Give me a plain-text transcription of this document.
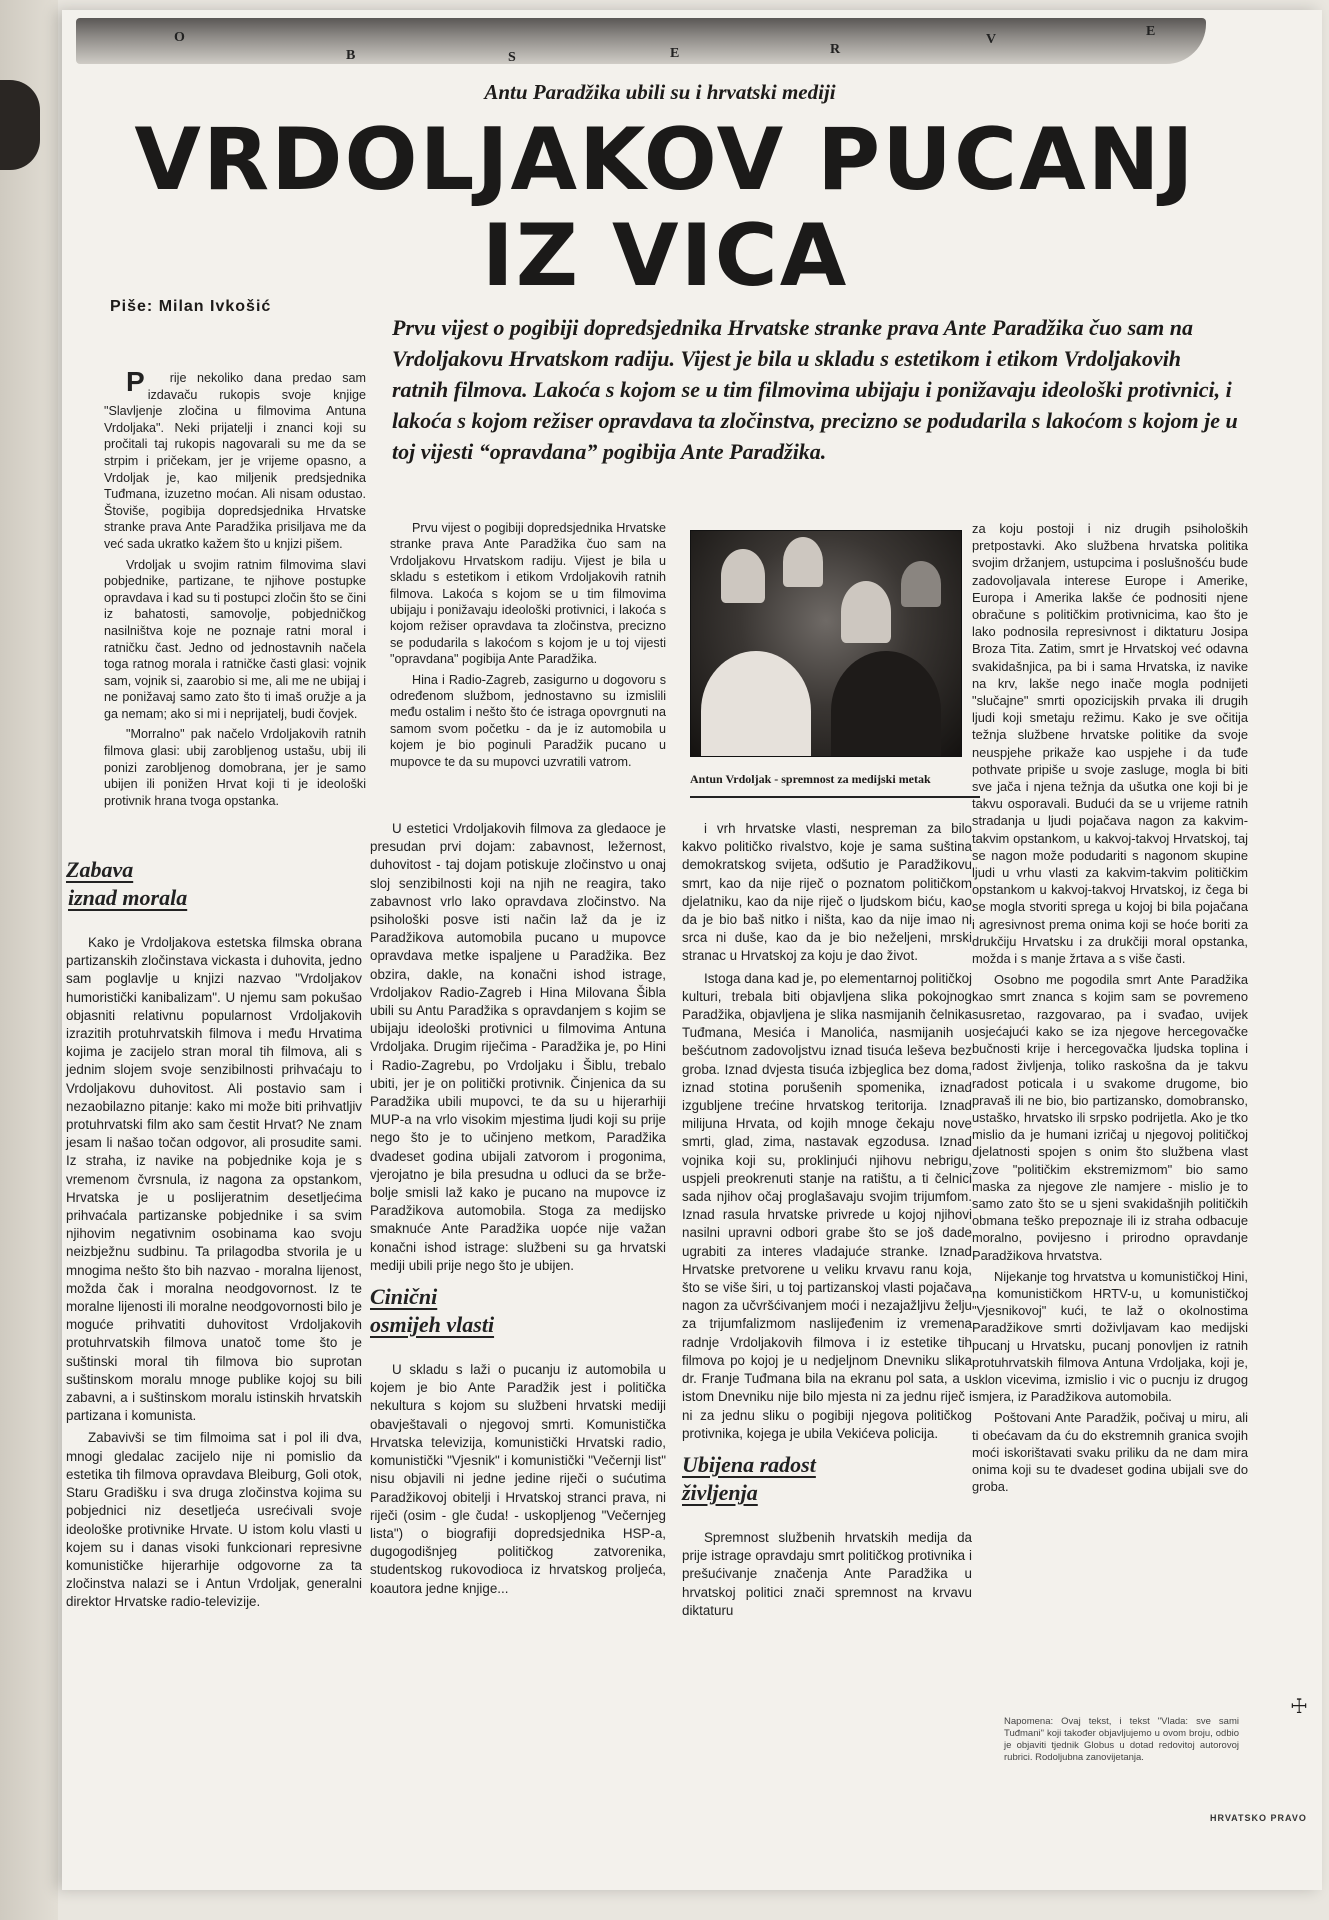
O
B	S	E	R
V
E
Antu Paradžika ubili su i hrvatski mediji
VRDOLJAKOV PUCANJ
IZ VICA
Piše: Milan Ivkošić
Prvu vijest o pogibiji dopredsjednika Hrvatske stranke prava Ante Paradžika čuo sam na Vrdoljakovu Hrvatskom radiju. Vijest je bila u skladu s estetikom i etikom Vrdoljakovih ratnih filmova. Lakoća s kojom se u tim filmovima ubijaju i ponižavaju ideološki protivnici, i lakoća s kojom režiser opravdava ta zločinstva, precizno se podudarila s lakoćom s kojom je u toj vijesti “opravdana” pogibija Ante Paradžika.

Prije nekoliko dana predao sam izdavaču rukopis svoje knjige "Slavljenje zločina u filmovima Antuna Vrdoljaka". Neki prijatelji i znanci koji su pročitali taj rukopis nagovarali su me da se strpim i pričekam, jer je vrijeme opasno, a Vrdoljak je, kao miljenik predsjednika Tuđmana, izuzetno moćan. Ali nisam odustao. Štoviše, pogibija dopredsjednika Hrvatske stranke prava Ante Paradžika prisiljava me da već sada ukratko kažem što u knjizi pišem.

Vrdoljak u svojim ratnim filmovima slavi pobjednike, partizane, te njihove postupke opravdava i kad su ti postupci zločin što se čini iz bahatosti, samovolje, pobjedničkog nasilništva koje ne poznaje ratni moral i ratničku čast. Jedno od jednostavnih načela toga ratnog morala i ratničke časti glasi: vojnik sam, vojnik si, zaarobio si me, ali me ne ubijaj i ne ponižavaj samo zato što ti imaš oružje a ja ga nemam; ako si mi i neprijatelj, budi čovjek.

"Morralno" pak načelo Vrdoljakovih ratnih filmova glasi: ubij zarobljenog ustašu, ubij ili ponizi zarobljenog domobrana, jer je samo ubijen ili ponižen Hrvat koji ti je ideološki protivnik hrana tvoga opstanka.

Zabava
iznad morala

Kako je Vrdoljakova estetska filmska obrana partizanskih zločinstava vickasta i duhovita, jedno sam poglavlje u knjizi nazvao "Vrdoljakov humoristički kanibalizam". U njemu sam pokušao objasniti relativnu popularnost Vrdoljakovih izrazitih protuhrvatskih filmova i među Hrvatima kojima je zacijelo stran moral tih filmova, ali s jednim slojem svoje senzibilnosti prihvaćaju to Vrdoljakovu duhovitost. Ali postavio sam i nezaobilazno pitanje: kako mi može biti prihvatljiv protuhrvatski film ako sam čestit Hrvat? Ne znam jesam li našao točan odgovor, ali prosudite sami. Iz straha, iz navike na pobjednike koja je s vremenom čvrsnula, iz nagona za opstankom, Hrvatska je u poslijeratnim desetljećima prihvaćala partizanske pobjednike i sa svim njihovim negativnim osobinama kao svoju neizbježnu sudbinu. Ta prilagodba stvorila je u mnogima nešto što bih nazvao - moralna lijenost, možda čak i moralna neodgovornost. Iz te moralne lijenosti ili moralne neodgovornosti bilo je moguće prihvatiti duhovitost Vrdoljakovih protuhrvatskih filmova unatoč tome što je suštinski moral tih filmova bio suprotan suštinskom moralu mnoge publike kojoj su bili zabavni, a i suštinskom moralu istinskih hrvatskih partizana i komunista.

Zabavivši se tim filmoima sat i pol ili dva, mnogi gledalac zacijelo nije ni pomislio da estetika tih filmova opravdava Bleiburg, Goli otok, Staru Gradišku i sva druga zločinstva kojima su pobjednici niz desetljeća usrećivali svoje ideološke protivnike Hrvate. U istom kolu vlasti u kojem su i danas visoki funkcionari represivne komunističke hijerarhije odgovorne za ta zločinstva nalazi se i Antun Vrdoljak, generalni direktor Hrvatske radio-televizije.

Prvu vijest o pogibiji dopredsjednika Hrvatske stranke prava Ante Paradžika čuo sam na Vrdoljakovu Hrvatskom radiju. Vijest je bila u skladu s estetikom i etikom Vrdoljakovih ratnih filmova. Lakoća s kojom se u tim filmovima ubijaju i ponižavaju ideološki protivnici, i lakoća s kojom režiser opravdava ta zločinstva, precizno se podudarila s lakoćom s kojom je u toj vijesti "opravdana" pogibija Ante Paradžika.

Hina i Radio-Zagreb, zasigurno u dogovoru s određenom službom, jednostavno su izmislili među ostalim i nešto što će istraga opovrgnuti na samom svom početku - da je iz automobila u kojem je bio poginuli Paradžik pucano u mupovce te da su mupovci uzvratili vatrom.

U estetici Vrdoljakovih filmova za gledaoce je presudan prvi dojam: zabavnost, ležernost, duhovitost - taj dojam potiskuje zločinstvo u onaj sloj senzibilnosti koji na njih ne reagira, tako zabavnost vrlo lako opravdava zločinstvo. Na psihološki posve isti način laž da je iz Paradžikova automobila pucano u mupovce opravdava metke ispaljene u Paradžika. Bez obzira, dakle, na konačni ishod istrage, Vrdoljakov Radio-Zagreb i Hina Milovana Šibla ubili su Antu Paradžika s opravdanjem s kojim se ubijaju ideološki protivnici u filmovima Antuna Vrdoljaka. Drugim riječima - Paradžika je, po Hini i Radio-Zagrebu, po Vrdoljaku i Šiblu, trebalo ubiti, jer je on politički protivnik. Činjenica da su Paradžika ubili mupovci, te da su u hijerarhiji MUP-a na vrlo visokim mjestima ljudi koji su prije nego što je to učinjeno metkom, Paradžika dvadeset godina ubijali zatvorom i progonima, vjerojatno je bila presudna u odluci da se brže-bolje smisli laž kako je pucano na mupovce iz Paradžikova automobila. Stoga za medijsko smaknuće Ante Paradžika uopće nije važan konačni ishod istrage: službeni su ga hrvatski mediji ubili prije nego što je ubijen.

Cinični
osmijeh vlasti

U skladu s laži o pucanju iz automobila u kojem je bio Ante Paradžik jest i politička nekultura s kojom su službeni hrvatski mediji obavještavali o njegovoj smrti. Komunistička Hrvatska televizija, komunistički Hrvatski radio, komunistički "Vjesnik" i komunistički "Večernji list" nisu objavili ni jedne jedine riječi o sućutima Paradžikovoj obitelji i Hrvatskoj stranci prava, ni riječi (osim - gle čuda! - uskopljenog "Večernjeg lista") o biografiji dopredsjednika HSP-a, dugogodišnjeg političkog zatvorenika, studentskog rukovodioca iz hrvatskog proljeća, koautora jedne knjige...

Antun Vrdoljak - spremnost za medijski metak

i vrh hrvatske vlasti, nespreman za bilo kakvo političko rivalstvo, koje je sama suština demokratskog svijeta, odšutio je Paradžikovu smrt, kao da nije riječ o poznatom političkom djelatniku, kao da nije riječ o ljudskom biću, kao da je bio baš nitko i ništa, kao da nije imao ni srca ni duše, kao da je bio neželjeni, mrski stranac u Hrvatskoj za koju je dao život.

Istoga dana kad je, po elementarnoj političkoj kulturi, trebala biti objavljena slika pokojnog Paradžika, objavljena je slika nasmijanih čelnika Tuđmana, Mesića i Manolića, nasmijanih u bešćutnom zadovoljstvu iznad tisuća leševa bez groba. Iznad dvjesta tisuća izbjeglica bez doma, iznad stotina porušenih spomenika, iznad izgubljene trećine hrvatskog teritorija. Iznad milijuna Hrvata, od kojih mnoge čekaju nove smrti, glad, zima, nastavak egzodusa. Iznad vojnika koji su, proklinjući njihovu nebrigu, uspjeli preokrenuti stanje na ratištu, a ti čelnici sada njihov očaj proglašavaju svojim trijumfom. Iznad rasula hrvatske privrede u kojoj njihovi nasilni upravni odbori grabe što se još dade ugrabiti za interes vladajuće stranke. Iznad Hrvatske pretvorene u veliku krvavu ranu koja, što se više širi, u toj partizanskoj vlasti pojačava nagon za učvršćivanjem moći i nezajažljivu želju za trijumfalizmom naslijeđenim iz vremena radnje Vrdoljakovih filmova i iz estetike tih filmova po kojoj je u nedjeljnom Dnevniku slika dr. Franje Tuđmana bila na ekranu pol sata, a u istom Dnevniku nije bilo mjesta ni za jednu riječ i ni za jednu sliku o pogibiji njegova političkog protivnika, kojega je ubila Vekićeva policija.

Ubijena radost
življenja

Spremnost službenih hrvatskih medija da prije istrage opravdaju smrt političkog protivnika i prešućivanje značenja Ante Paradžika u hrvatskoj politici znači spremnost na krvavu diktaturu

za koju postoji i niz drugih psiholoških pretpostavki. Ako službena hrvatska politika svojim držanjem, ustupcima i poslušnošću bude zadovoljavala interese Europe i Amerike, Europa i Amerika lakše će podnositi njene obračune s političkim protivnicima, kao što je lako podnosila represivnost i diktaturu Josipa Broza Tita. Zatim, smrt je Hrvatskoj već odavna svakidašnjica, pa bi i sama Hrvatska, iz navike na krv, lakše nego inače mogla podnijeti "slučajne" smrti opozicijskih prvaka ili drugih ljudi koji smetaju režimu. Kako je sve očitija težnja službene hrvatske politike da svoje neuspjehe prikaže kao uspjehe i da tuđe pothvate pripiše u svoje zasluge, mogla bi biti sve jača i njena težnja da ušutka one koji bi je takvu osporavali. Budući da se u vrijeme ratnih stradanja u ljudi pojačava nagon za kakvim-takvim opstankom, u kakvoj-takvoj Hrvatskoj, taj se nagon može podudariti s nagonom skupine ljudi u vrhu vlasti za kakvim-takvim političkim opstankom u kakvoj-takvoj Hrvatskoj, iz čega bi se mogla stvoriti sprega u kojoj bi bila pojačana i agresivnost prema onima koji se hoće boriti za drukčiju Hrvatsku i za drukčiji moral opstanka, možda i s manje žrtava a s više časti.

Osobno me pogodila smrt Ante Paradžika kao smrt znanca s kojim sam se povremeno susretao, razgovarao, pa i svađao, uvijek osjećajući kako se iza njegove hercegovačke bučnosti krije i hercegovačka ljudska toplina i radost življenja, toliko raskošna da je takvu radost poticala i u svakome drugome, bio pravaš ili ne bio, bio partizansko, domobransko, ustaško, hrvatsko ili srpsko podrijetla. Ako je tko mislio da je humani izričaj u njegovoj političkoj djelatnosti spojen s onim što službena vlast zove "političkim ekstremizmom" bio samo maska za njegove zle namjere - mislio je to samo zato što se u sjeni svakidašnjih političkih obmana teško prepoznaje ili iz straha odbacuje moralno, povijesno i prirodno opravdanje Paradžikova hrvatstva.

Nijekanje tog hrvatstva u komunističkoj Hini, na komunističkom HRTV-u, u komunističkoj "Vjesnikovoj" kući, te laž o okolnostima Paradžikove smrti doživljavam kao medijski pucanj u Hrvatsku, pucanj ponovljen iz ratnih protuhrvatskih filmova Antuna Vrdoljaka, koji je, sklon vicevima, izmislio i vic o pucnju iz drugog smjera, iz Paradžikova automobila.

Poštovani Ante Paradžik, počivaj u miru, ali ti obećavam da ću do ekstremnih granica svojih moći iskorištavati svaku priliku da ne dam mira onima koji su te dvadeset godina ubijali sve do groba.

☩
Napomena: Ovaj tekst, i tekst "Vlada: sve sami Tuđmani" koji također objavljujemo u ovom broju, odbio je objaviti tjednik Globus u dotad redovitoj autorovoj rubrici. Rodoljubna zanovijetanja.
HRVATSKO PRAVO
